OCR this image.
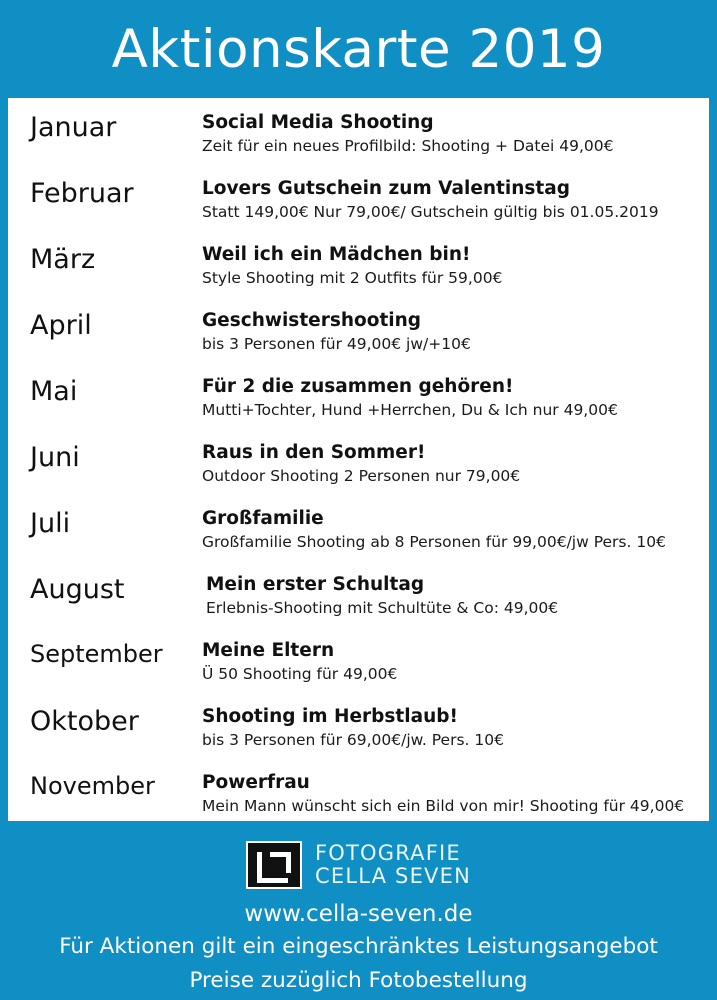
Aktionskarte 2019
Januar	Social Media Shooting
Zeit für ein neues Profilbild: Shooting + Datei 49,00€
Februar	Lovers Gutschein zum Valentinstag
Statt 149,00€ Nur 79,00€/ Gutschein gültig bis 01.05.2019
März	Weil ich ein Mädchen bin!
Style Shooting mit 2 Outfits für 59,00€
April	Geschwistershooting
bis 3 Personen für 49,00€ jw/+10€
Mai	Für 2 die zusammen gehören!
Mutti+Tochter, Hund +Herrchen, Du & Ich nur 49,00€
Juni	Raus in den Sommer!
Outdoor Shooting 2 Personen nur 79,00€
Juli	Großfamilie
Großfamilie Shooting ab 8 Personen für 99,00€/jw Pers. 10€
August	Mein erster Schultag
Erlebnis-Shooting mit Schultüte & Co: 49,00€
September	Meine Eltern
Ü 50 Shooting für 49,00€
Oktober	Shooting im Herbstlaub!
bis 3 Personen für 69,00€/jw. Pers. 10€
November	Powerfrau
Mein Mann wünscht sich ein Bild von mir! Shooting für 49,00€
FOTOGRAFIE
CELLA SEVEN
www.cella-seven.de
Für Aktionen gilt ein eingeschränktes Leistungsangebot
Preise zuzüglich Fotobestellung
